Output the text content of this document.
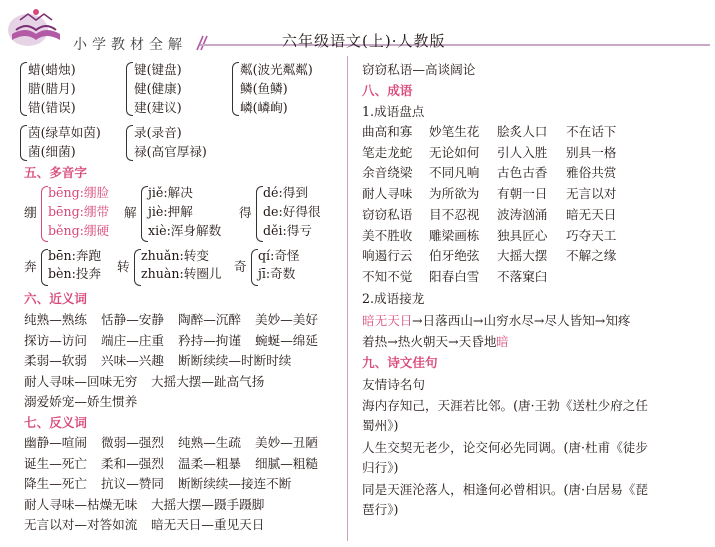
小学教材全解	六年级语文(上)·人教版
蜡(蜡烛)
腊(腊月)
错(错误)
键(键盘)
健(健康)
建(建议)
粼(波光粼粼)
鳞(鱼鳞)
嶙(嶙峋)
茵(绿草如茵)
菌(细菌)
录(录音)
禄(高官厚禄)
五、多音字
绷
bēng:绷脸
bēng:绷带
běng:绷硬
解
jiě:解决
jiè:押解
xiè:浑身解数
得
dé:得到
de:好得很
děi:得亏
奔
bēn:奔跑
bèn:投奔 转
zhuǎn:转变
zhuàn:转圈儿 奇
qí:奇怪
jī:奇数
六、近义词
纯熟—熟练 恬静—安静 陶醉—沉醉 美妙—美好
探访—访问 端庄—庄重 矜持—拘谨 蜿蜒—绵延
柔弱—软弱 兴味—兴趣 断断续续—时断时续
耐人寻味—回味无穷 大摇大摆—趾高气扬
溺爱娇宠—娇生惯养
七、反义词
幽静—喧闹 微弱—强烈 纯熟—生疏 美妙—丑陋
诞生—死亡 柔和—强烈 温柔—粗暴 细腻—粗糙
降生—死亡 抗议—赞同 断断续续—接连不断
耐人寻味—枯燥无味 大摇大摆—蹑手蹑脚
无言以对—对答如流 暗无天日—重见天日
窃窃私语—高谈阔论
八、成语
1.成语盘点
曲高和寡 妙笔生花 脍炙人口 不在话下
笔走龙蛇 无论如何 引人入胜 别具一格
余音绕梁 不同凡响 古色古香 雅俗共赏
耐人寻味 为所欲为 有朝一日 无言以对
窃窃私语 目不忍视 波涛汹涌 暗无天日
美不胜收 雕梁画栋 独具匠心 巧夺天工
响遏行云 伯牙绝弦 大摇大摆 不解之缘
不知不觉 阳春白雪 不落窠臼
2.成语接龙
暗无天日 →日落西山→山穷水尽→尽人皆知→知疼
着热→热火朝天→天昏地 暗
九、诗文佳句
友情诗名句
海内存知己，天涯若比邻。(唐·王勃《送杜少府之任
蜀州》)
人生交契无老少，论交何必先同调。(唐·杜甫《徒步
归行》)
同是天涯沦落人，相逢何必曾相识。(唐·白居易《琵
琶行》)
